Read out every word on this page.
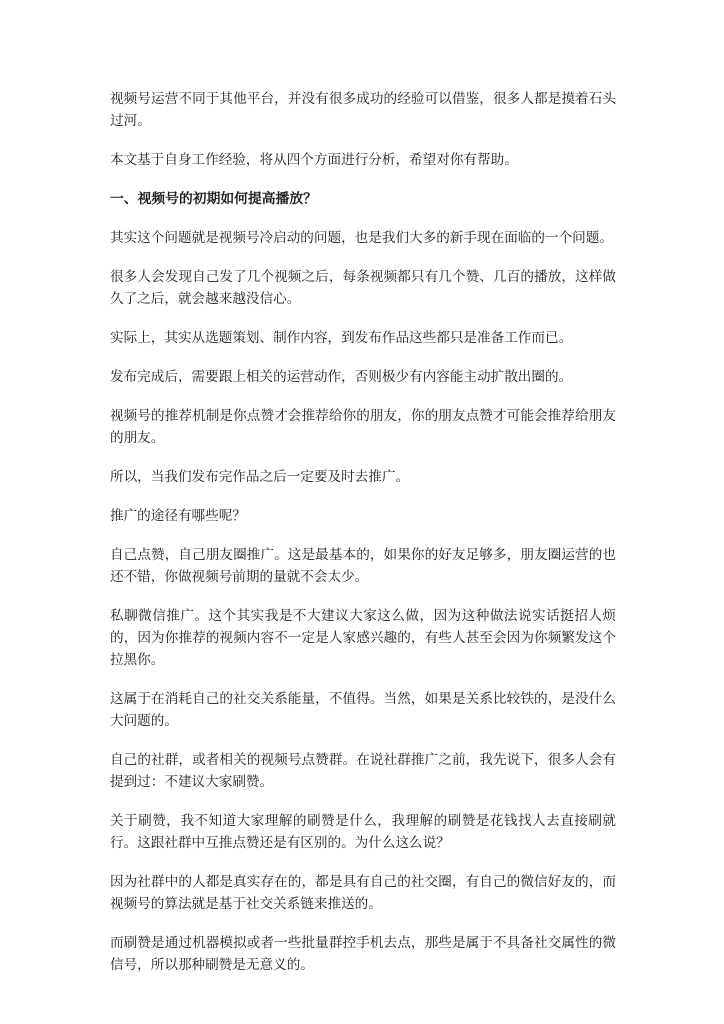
视频号运营不同于其他平台，并没有很多成功的经验可以借鉴，很多人都是摸着石头过河。

本文基于自身工作经验，将从四个方面进行分析，希望对你有帮助。

一、视频号的初期如何提高播放？

其实这个问题就是视频号冷启动的问题，也是我们大多的新手现在面临的一个问题。

很多人会发现自己发了几个视频之后，每条视频都只有几个赞、几百的播放，这样做久了之后，就会越来越没信心。

实际上，其实从选题策划、制作内容，到发布作品这些都只是准备工作而已。

发布完成后，需要跟上相关的运营动作，否则极少有内容能主动扩散出圈的。

视频号的推荐机制是你点赞才会推荐给你的朋友，你的朋友点赞才可能会推荐给朋友的朋友。

所以，当我们发布完作品之后一定要及时去推广。

推广的途径有哪些呢？

自己点赞，自己朋友圈推广。这是最基本的，如果你的好友足够多，朋友圈运营的也还不错，你做视频号前期的量就不会太少。

私聊微信推广。这个其实我是不大建议大家这么做，因为这种做法说实话挺招人烦的，因为你推荐的视频内容不一定是人家感兴趣的，有些人甚至会因为你频繁发这个拉黑你。

这属于在消耗自己的社交关系能量，不值得。当然，如果是关系比较铁的，是没什么大问题的。

自己的社群，或者相关的视频号点赞群。在说社群推广之前，我先说下，很多人会有提到过：不建议大家刷赞。

关于刷赞，我不知道大家理解的刷赞是什么，我理解的刷赞是花钱找人去直接刷就行。这跟社群中互推点赞还是有区别的。为什么这么说？

因为社群中的人都是真实存在的，都是具有自己的社交圈，有自己的微信好友的，而视频号的算法就是基于社交关系链来推送的。

而刷赞是通过机器模拟或者一些批量群控手机去点，那些是属于不具备社交属性的微信号，所以那种刷赞是无意义的。
